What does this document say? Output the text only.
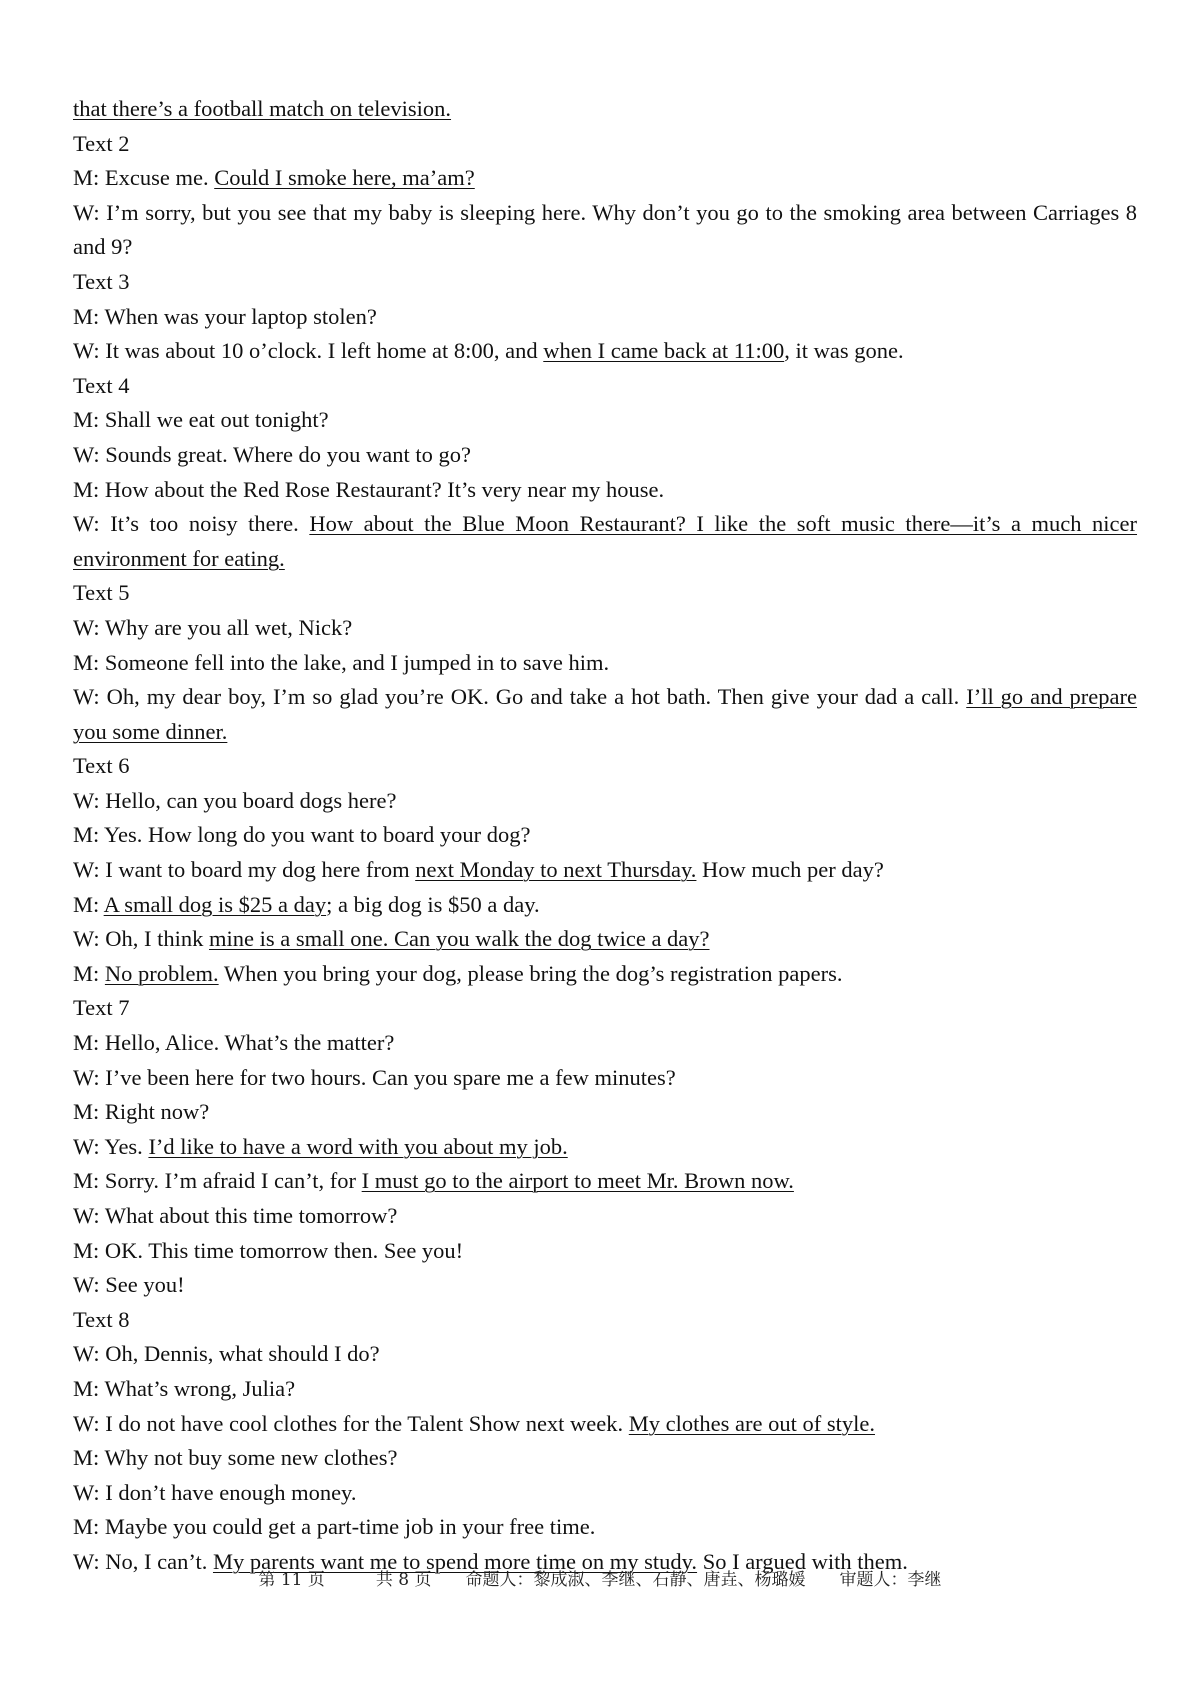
that there’s a football match on television.
Text 2
M: Excuse me. Could I smoke here, ma’am?
W: I’m sorry, but you see that my baby is sleeping here. Why don’t you go to the smoking area between Carriages 8 and 9?
Text 3
M: When was your laptop stolen?
W: It was about 10 o’clock. I left home at 8:00, and when I came back at 11:00, it was gone.
Text 4
M: Shall we eat out tonight?
W: Sounds great. Where do you want to go?
M: How about the Red Rose Restaurant? It’s very near my house.
W: It’s too noisy there. How about the Blue Moon Restaurant? I like the soft music there—it’s a much nicer environment for eating.
Text 5
W: Why are you all wet, Nick?
M: Someone fell into the lake, and I jumped in to save him.
W: Oh, my dear boy, I’m so glad you’re OK. Go and take a hot bath. Then give your dad a call. I’ll go and prepare you some dinner.
Text 6
W: Hello, can you board dogs here?
M: Yes. How long do you want to board your dog?
W: I want to board my dog here from next Monday to next Thursday. How much per day?
M: A small dog is $25 a day; a big dog is $50 a day.
W: Oh, I think mine is a small one. Can you walk the dog twice a day?
M: No problem. When you bring your dog, please bring the dog’s registration papers.
Text 7
M: Hello, Alice. What’s the matter?
W: I’ve been here for two hours. Can you spare me a few minutes?
M: Right now?
W: Yes. I’d like to have a word with you about my job.
M: Sorry. I’m afraid I can’t, for I must go to the airport to meet Mr. Brown now.
W: What about this time tomorrow?
M: OK. This time tomorrow then. See you!
W: See you!
Text 8
W: Oh, Dennis, what should I do?
M: What’s wrong, Julia?
W: I do not have cool clothes for the Talent Show next week. My clothes are out of style.
M: Why not buy some new clothes?
W: I don’t have enough money.
M: Maybe you could get a part-time job in your free time.
W: No, I can’t. My parents want me to spend more time on my study. So I argued with them.
第 11 页	共 8 页 命题人：黎成淑、李继、石静、唐垚、杨璐媛 审题人：李继
